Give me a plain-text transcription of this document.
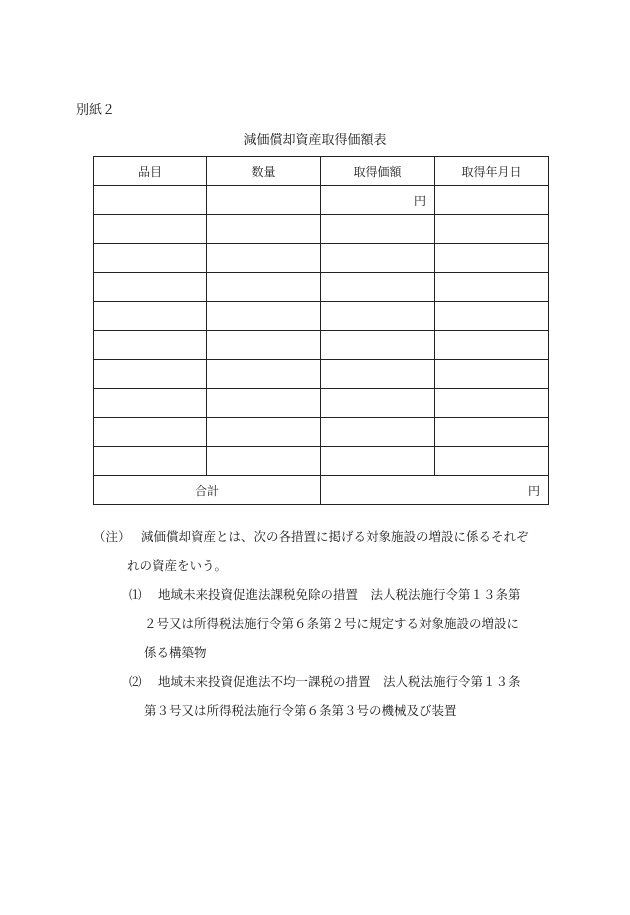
別紙２
減価償却資産取得価額表
品目	数量	取得価額	取得年月日
		円	

合計		円	
（注） 減価償却資産とは、次の各措置に掲げる対象施設の増設に係るそれぞ
れの資産をいう。
⑴ 地域未来投資促進法課税免除の措置　法人税法施行令第１３条第
２号又は所得税法施行令第６条第２号に規定する対象施設の増設に
係る構築物
⑵ 地域未来投資促進法不均一課税の措置　法人税法施行令第１３条
第３号又は所得税法施行令第６条第３号の機械及び装置
